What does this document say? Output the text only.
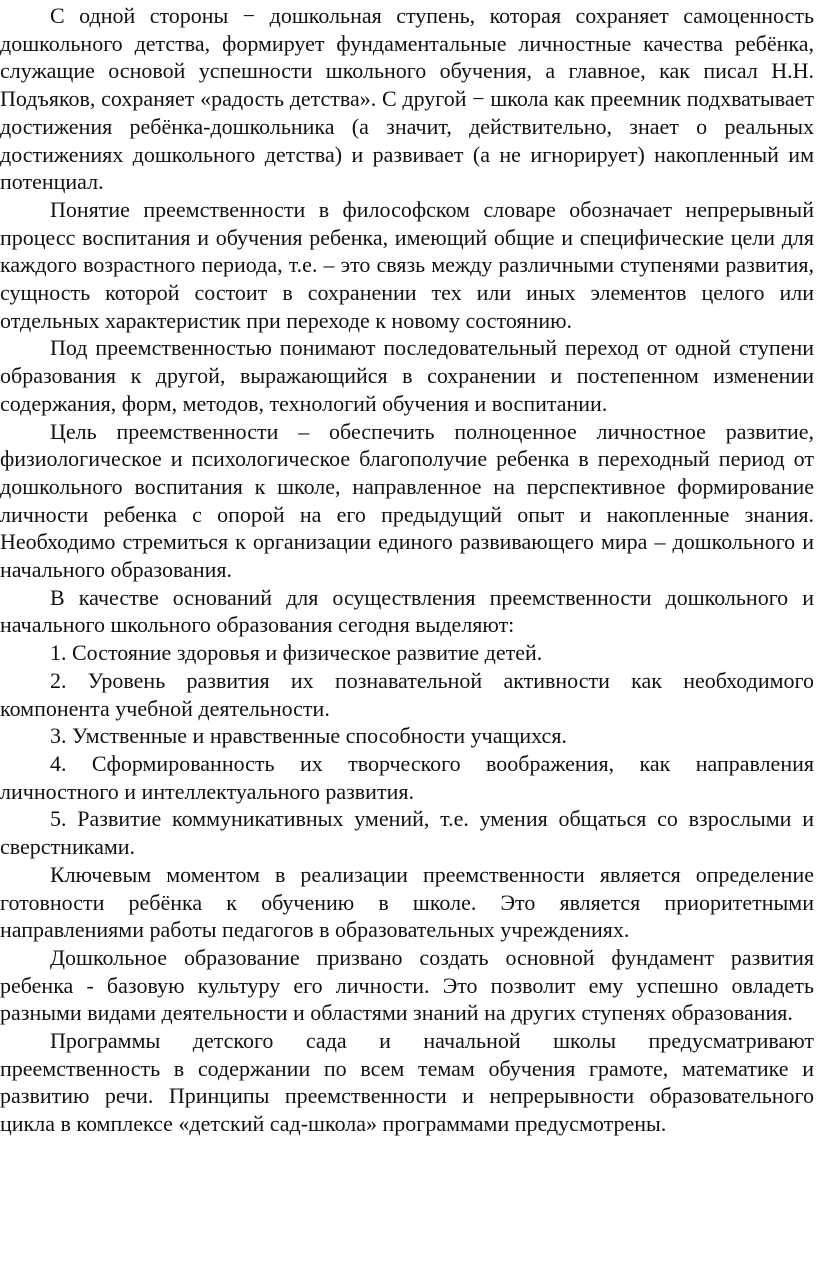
С одной стороны − дошкольная ступень, которая сохраняет самоценность дошкольного детства, формирует фундаментальные личностные качества ребёнка, служащие основой успешности школьного обучения, а главное, как писал Н.Н. Подъяков, сохраняет «радость детства». С другой − школа как преемник подхватывает достижения ребёнка-дошкольника (а значит, действительно, знает о реальных достижениях дошкольного детства) и развивает (а не игнорирует) накопленный им потенциал.

Понятие преемственности в философском словаре обозначает непрерывный процесс воспитания и обучения ребенка, имеющий общие и специфические цели для каждого возрастного периода, т.е. – это связь между различными ступенями развития, сущность которой состоит в сохранении тех или иных элементов целого или отдельных характеристик при переходе к новому состоянию.

Под преемственностью понимают последовательный переход от одной ступени образования к другой, выражающийся в сохранении и постепенном изменении содержания, форм, методов, технологий обучения и воспитании.

Цель преемственности – обеспечить полноценное личностное развитие, физиологическое и психологическое благополучие ребенка в переходный период от дошкольного воспитания к школе, направленное на перспективное формирование личности ребенка с опорой на его предыдущий опыт и накопленные знания. Необходимо стремиться к организации единого развивающего мира – дошкольного и начального образования.

В качестве оснований для осуществления преемственности дошкольного и начального школьного образования сегодня выделяют:

1. Состояние здоровья и физическое развитие детей.

2. Уровень развития их познавательной активности как необходимого компонента учебной деятельности.

3. Умственные и нравственные способности учащихся.

4. Сформированность их творческого воображения, как направления личностного и интеллектуального развития.

5. Развитие коммуникативных умений, т.е. умения общаться со взрослыми и сверстниками.

Ключевым моментом в реализации преемственности является определение готовности ребёнка к обучению в школе. Это является приоритетными направлениями работы педагогов в образовательных учреждениях.

Дошкольное образование призвано создать основной фундамент развития ребенка - базовую культуру его личности. Это позволит ему успешно овладеть разными видами деятельности и областями знаний на других ступенях образования.

Программы детского сада и начальной школы предусматривают преемственность в содержании по всем темам обучения грамоте, математике и развитию речи. Принципы преемственности и непрерывности образовательного цикла в комплексе «детский сад-школа» программами предусмотрены.
